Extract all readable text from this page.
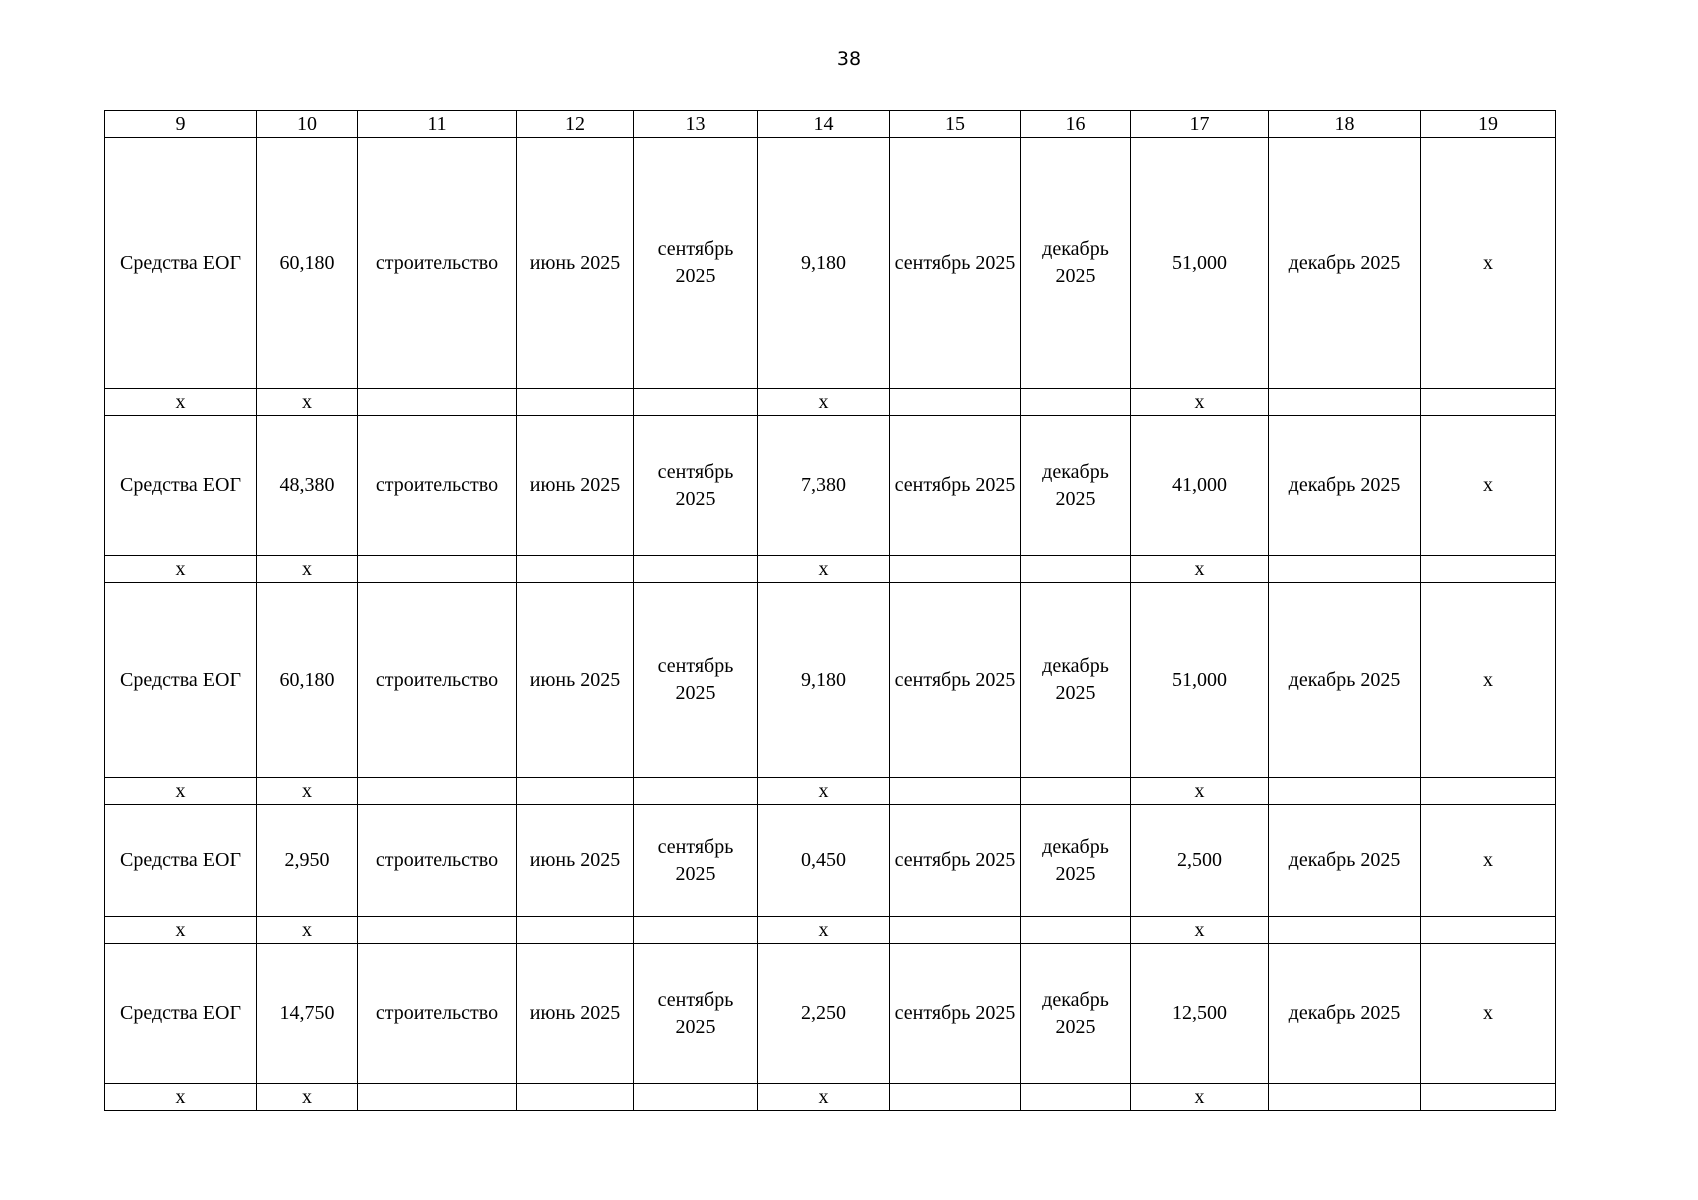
38
9	10	11	12	13	14	15	16	17	18	19
Средства ЕОГ	60,180	строительство	июнь 2025	сентябрь 2025	9,180	сентябрь 2025	декабрь 2025	51,000	декабрь 2025	x
x	x				x			x		
Средства ЕОГ	48,380	строительство	июнь 2025	сентябрь 2025	7,380	сентябрь 2025	декабрь 2025	41,000	декабрь 2025	x
x	x				x			x		
Средства ЕОГ	60,180	строительство	июнь 2025	сентябрь 2025	9,180	сентябрь 2025	декабрь 2025	51,000	декабрь 2025	x
x	x				x			x		
Средства ЕОГ	2,950	строительство	июнь 2025	сентябрь 2025	0,450	сентябрь 2025	декабрь 2025	2,500	декабрь 2025	x
x	x				x			x		
Средства ЕОГ	14,750	строительство	июнь 2025	сентябрь 2025	2,250	сентябрь 2025	декабрь 2025	12,500	декабрь 2025	x
x	x				x			x		
